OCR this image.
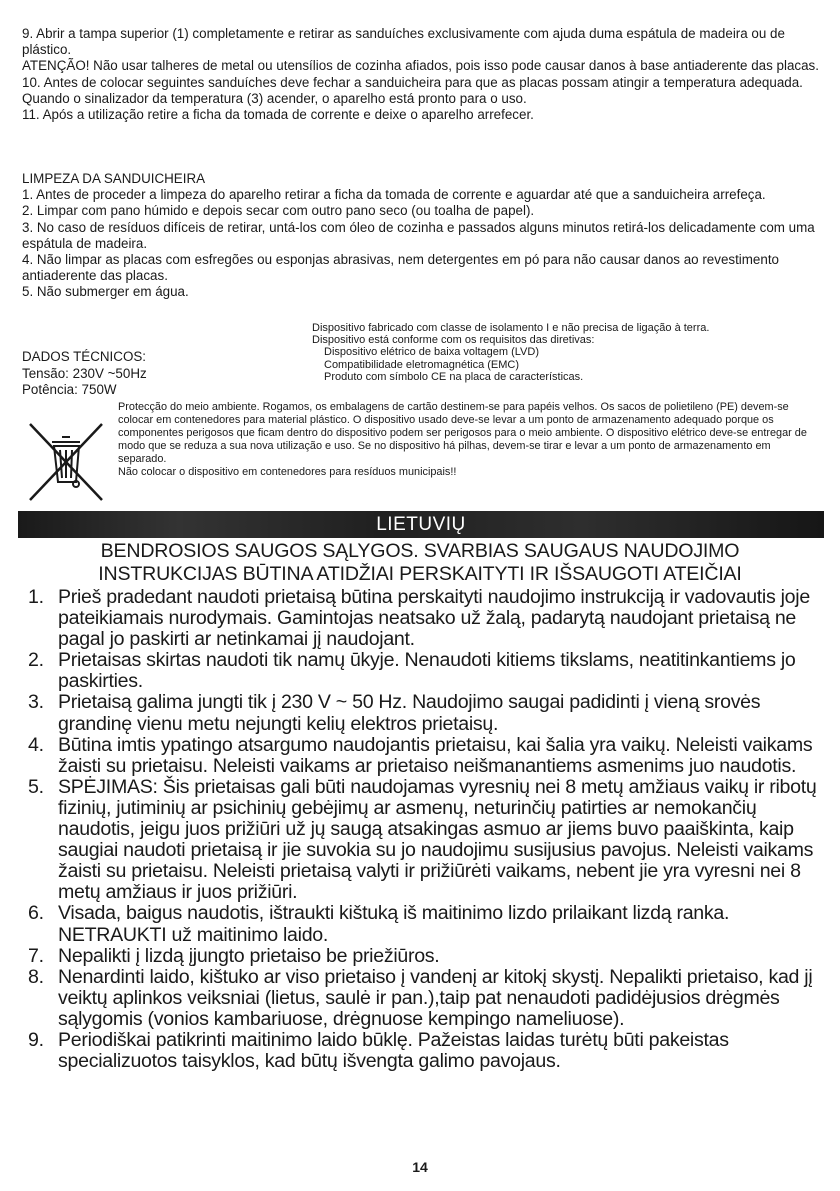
9. Abrir a tampa superior (1) completamente e retirar as sanduíches exclusivamente com ajuda duma espátula de madeira ou de plástico.

ATENÇÃO! Não usar talheres de metal ou utensílios de cozinha afiados, pois isso pode causar danos à base antiaderente das placas.

10. Antes de colocar seguintes sanduíches deve fechar a sanduicheira para que as placas possam atingir a temperatura adequada. Quando o sinalizador da temperatura (3) acender, o aparelho está pronto para o uso.

11. Após a utilização retire a ficha da tomada de corrente e deixe o aparelho arrefecer.

LIMPEZA DA SANDUICHEIRA

1. Antes de proceder a limpeza do aparelho retirar a ficha da tomada de corrente e aguardar até que a sanduicheira arrefeça.

2. Limpar com pano húmido e depois secar com outro pano seco (ou toalha de papel).

3. No caso de resíduos difíceis de retirar, untá-los com óleo de cozinha e passados alguns minutos retirá-los delicadamente com uma espátula de madeira.

4. Não limpar as placas com esfregões ou esponjas abrasivas, nem detergentes em pó para não causar danos ao revestimento antiaderente das placas.

5. Não submerger em água.

DADOS TÉCNICOS:

Tensão: 230V ~50Hz

Potência: 750W

Dispositivo fabricado com classe de isolamento I e não precisa de ligação à terra.

Dispositivo está conforme com os requisitos das diretivas:

Dispositivo elétrico de baixa voltagem (LVD)

Compatibilidade eletromagnética (EMC)

Produto com símbolo CE na placa de características.

Protecção do meio ambiente. Rogamos, os embalagens de cartão destinem-se para papéis velhos. Os sacos de polietileno (PE) devem-se colocar em contenedores para material plástico. O dispositivo usado deve-se levar a um ponto de armazenamento adequado porque os componentes perigosos que ficam dentro do dispositivo podem ser perigosos para o meio ambiente. O dispositivo elétrico deve-se entregar de modo que se reduza a sua nova utilização e uso. Se no dispositivo há pilhas, devem-se tirar e levar a um ponto de armazenamento em separado.

Não colocar o dispositivo em contenedores para resíduos municipais!!

LIETUVIŲ

BENDROSIOS SAUGOS SĄLYGOS. SVARBIAS SAUGAUS NAUDOJIMO

INSTRUKCIJAS BŪTINA ATIDŽIAI PERSKAITYTI IR IŠSAUGOTI ATEIČIAI

1. Prieš pradedant naudoti prietaisą būtina perskaityti naudojimo instrukciją ir vadovautis joje pateikiamais nurodymais. Gamintojas neatsako už žalą, padarytą naudojant prietaisą ne pagal jo paskirti ar netinkamai jį naudojant.
2. Prietaisas skirtas naudoti tik namų ūkyje. Nenaudoti kitiems tikslams, neatitinkantiems jo paskirties.
3. Prietaisą galima jungti tik į 230 V ~ 50 Hz. Naudojimo saugai padidinti į vieną srovės grandinę vienu metu nejungti kelių elektros prietaisų.
4. Būtina imtis ypatingo atsargumo naudojantis prietaisu, kai šalia yra vaikų. Neleisti vaikams žaisti su prietaisu. Neleisti vaikams ar prietaiso neišmanantiems asmenims juo naudotis.
5. SPĖJIMAS: Šis prietaisas gali būti naudojamas vyresnių nei 8 metų amžiaus vaikų ir ribotų fizinių, jutiminių ar psichinių gebėjimų ar asmenų, neturinčių patirties ar nemokančių naudotis, jeigu juos prižiūri už jų saugą atsakingas asmuo ar jiems buvo paaiškinta, kaip saugiai naudoti prietaisą ir jie suvokia su jo naudojimu susijusius pavojus. Neleisti vaikams žaisti su prietaisu. Neleisti prietaisą valyti ir prižiūrėti vaikams, nebent jie yra vyresni nei 8 metų amžiaus ir juos prižiūri.
6. Visada, baigus naudotis, ištraukti kištuką iš maitinimo lizdo prilaikant lizdą ranka. NETRAUKTI už maitinimo laido.
7. Nepalikti į lizdą įjungto prietaiso be priežiūros.
8. Nenardinti laido, kištuko ar viso prietaiso į vandenį ar kitokį skystį. Nepalikti prietaiso, kad jį veiktų aplinkos veiksniai (lietus, saulė ir pan.),taip pat nenaudoti padidėjusios drėgmės sąlygomis (vonios kambariuose, drėgnuose kempingo nameliuose).
9. Periodiškai patikrinti maitinimo laido būklę. Pažeistas laidas turėtų būti pakeistas specializuotos taisyklos, kad būtų išvengta galimo pavojaus.
14
